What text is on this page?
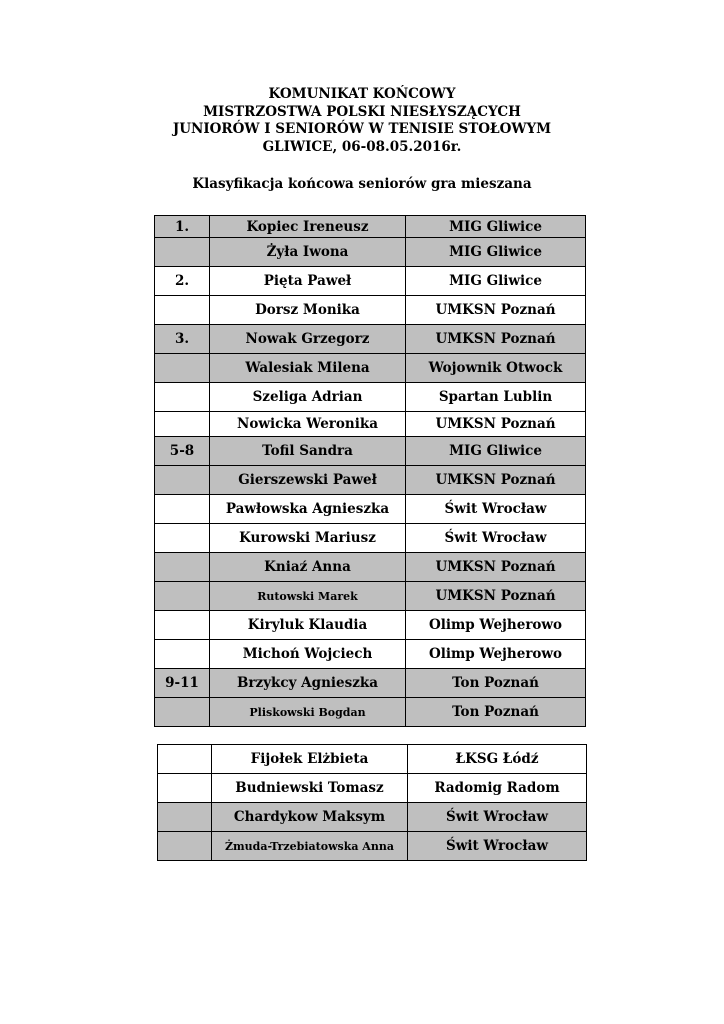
KOMUNIKAT KOŃCOWY
MISTRZOSTWA POLSKI NIESŁYSZĄCYCH
JUNIORÓW I SENIORÓW W TENISIE STOŁOWYM
GLIWICE, 06-08.05.2016r.
Klasyfikacja końcowa seniorów gra mieszana
1.	Kopiec Ireneusz	MIG Gliwice
	Żyła Iwona	MIG Gliwice
2.	Pięta Paweł	MIG Gliwice
	Dorsz Monika	UMKSN Poznań
3.	Nowak Grzegorz	UMKSN Poznań
	Walesiak Milena	Wojownik Otwock
	Szeliga Adrian	Spartan Lublin
	Nowicka Weronika	UMKSN Poznań
5-8	Tofil Sandra	MIG Gliwice
	Gierszewski Paweł	UMKSN Poznań
	Pawłowska Agnieszka	Świt Wrocław
	Kurowski Mariusz	Świt Wrocław
	Kniaź Anna	UMKSN Poznań
	Rutowski Marek	UMKSN Poznań
	Kiryluk Klaudia	Olimp Wejherowo
	Michoń Wojciech	Olimp Wejherowo
9-11	Brzykcy Agnieszka	Ton Poznań
	Pliskowski Bogdan	Ton Poznań
	Fijołek Elżbieta	ŁKSG Łódź
	Budniewski Tomasz	Radomig Radom
	Chardykow Maksym	Świt Wrocław
	Żmuda-Trzebiatowska Anna	Świt Wrocław
